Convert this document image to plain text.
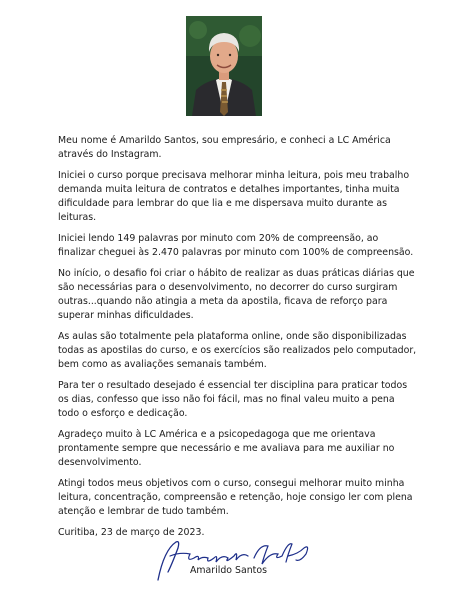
Meu nome é Amarildo Santos, sou empresário, e conheci a LC América através do Instagram.

Iniciei o curso porque precisava melhorar minha leitura, pois meu trabalho demanda muita leitura de contratos e detalhes importantes, tinha muita dificuldade para lembrar do que lia e me dispersava muito durante as leituras.

Iniciei lendo 149 palavras por minuto com 20% de compreensão, ao finalizar cheguei às 2.470 palavras por minuto com 100% de compreensão.

No início, o desafio foi criar o hábito de realizar as duas práticas diárias que são necessárias para o desenvolvimento, no decorrer do curso surgiram outras...quando não atingia a meta da apostila, ficava de reforço para superar minhas dificuldades.

As aulas são totalmente pela plataforma online, onde são disponibilizadas todas as apostilas do curso, e os exercícios são realizados pelo computador, bem como as avaliações semanais também.

Para ter o resultado desejado é essencial ter disciplina para praticar todos os dias, confesso que isso não foi fácil, mas no final valeu muito a pena todo o esforço e dedicação.

Agradeço muito à LC América e a psicopedagoga que me orientava prontamente sempre que necessário e me avaliava para me auxiliar no desenvolvimento.

Atingi todos meus objetivos com o curso, consegui melhorar muito minha leitura, concentração, compreensão e retenção, hoje consigo ler com plena atenção e lembrar de tudo também.

Curitiba, 23 de março de 2023.

Amarildo Santos
